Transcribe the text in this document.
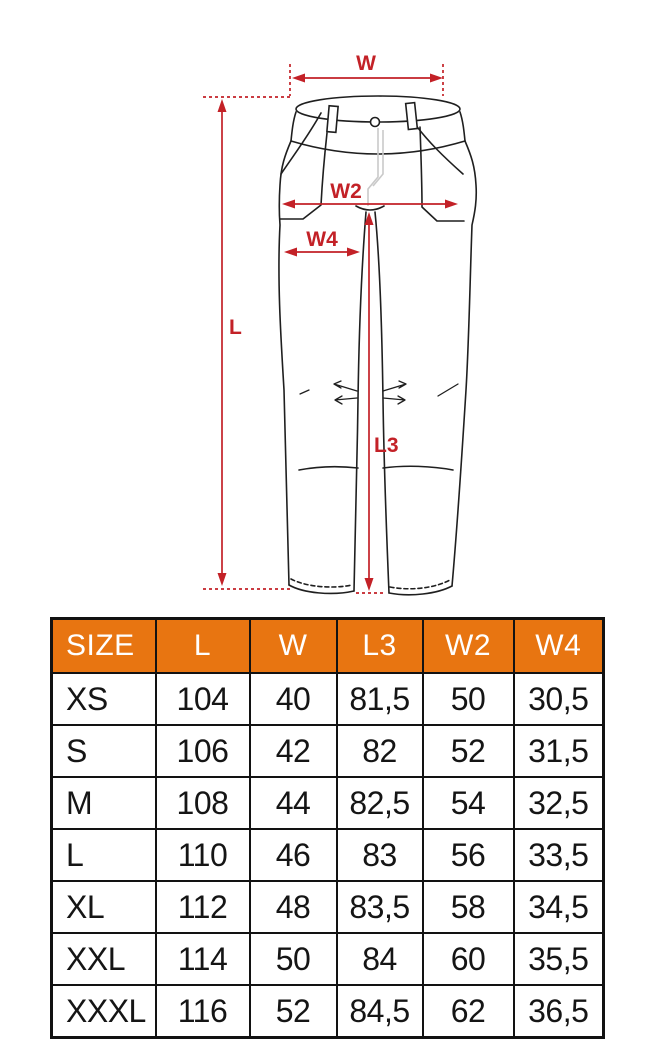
W
L
W2
W4
L3
SIZE	L	W	L3	W2	W4
XS	104	40	81,5	50	30,5
S	106	42	82	52	31,5
M	108	44	82,5	54	32,5
L	110	46	83	56	33,5
XL	112	48	83,5	58	34,5
XXL	114	50	84	60	35,5
XXXL	116	52	84,5	62	36,5
